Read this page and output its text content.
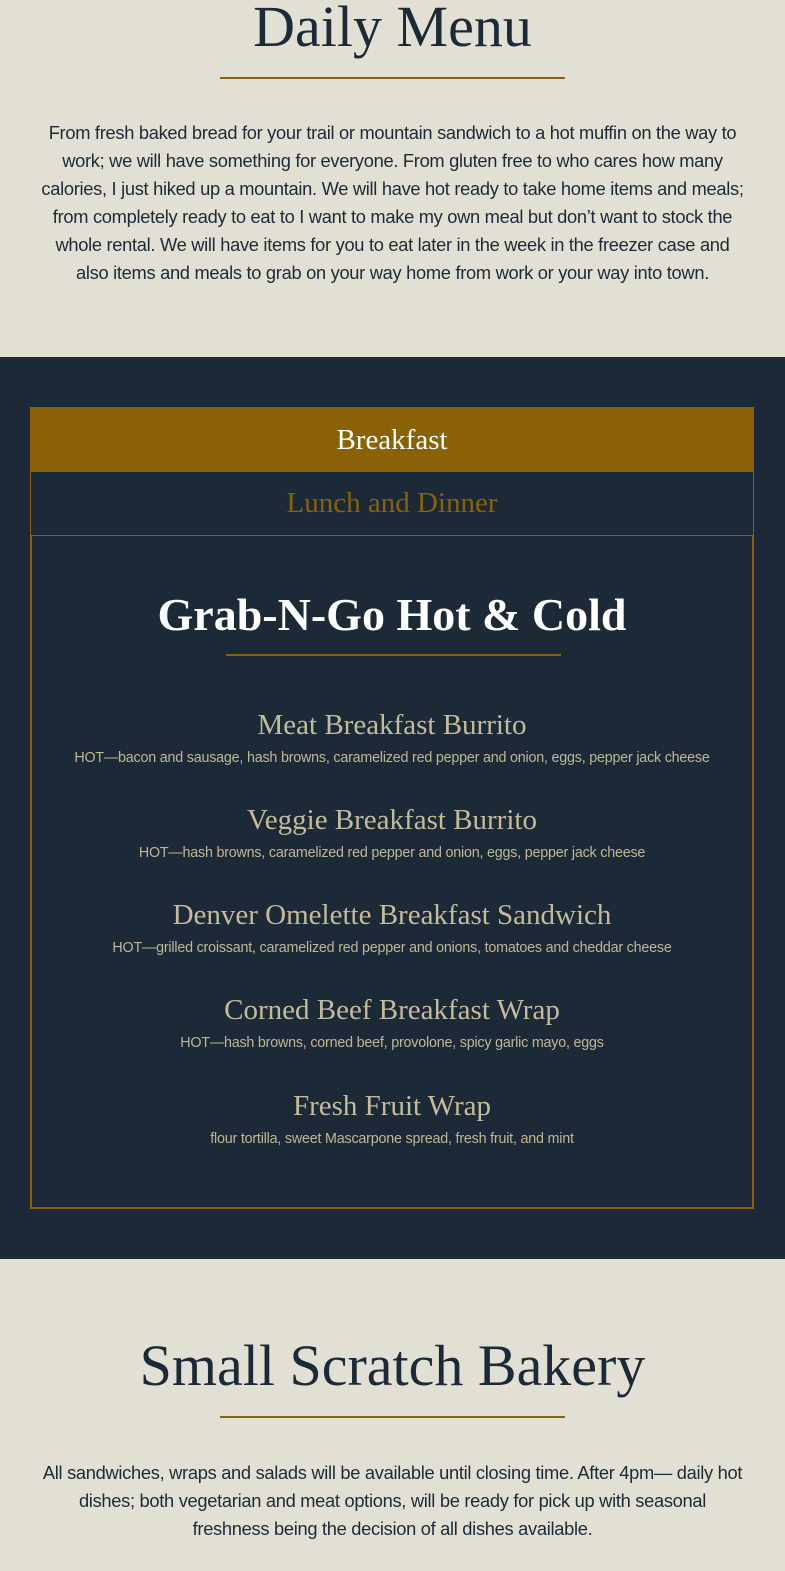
Daily Menu

From fresh baked bread for your trail or mountain sandwich to a hot muffin on the way to work; we will have something for everyone. From gluten free to who cares how many calories, I just hiked up a mountain. We will have hot ready to take home items and meals; from completely ready to eat to I want to make my own meal but don’t want to stock the whole rental. We will have items for you to eat later in the week in the freezer case and also items and meals to grab on your way home from work or your way into town.

Breakfast
Lunch and Dinner
Grab-N-Go Hot & Cold
Meat Breakfast Burrito
HOT—bacon and sausage, hash browns, caramelized red pepper and onion, eggs, pepper jack cheese
Veggie Breakfast Burrito
HOT—hash browns, caramelized red pepper and onion, eggs, pepper jack cheese
Denver Omelette Breakfast Sandwich
HOT—grilled croissant, caramelized red pepper and onions, tomatoes and cheddar cheese
Corned Beef Breakfast Wrap
HOT—hash browns, corned beef, provolone, spicy garlic mayo, eggs
Fresh Fruit Wrap
flour tortilla, sweet Mascarpone spread, fresh fruit, and mint
Small Scratch Bakery

All sandwiches, wraps and salads will be available until closing time. After 4pm— daily hot dishes; both vegetarian and meat options, will be ready for pick up with seasonal freshness being the decision of all dishes available.
